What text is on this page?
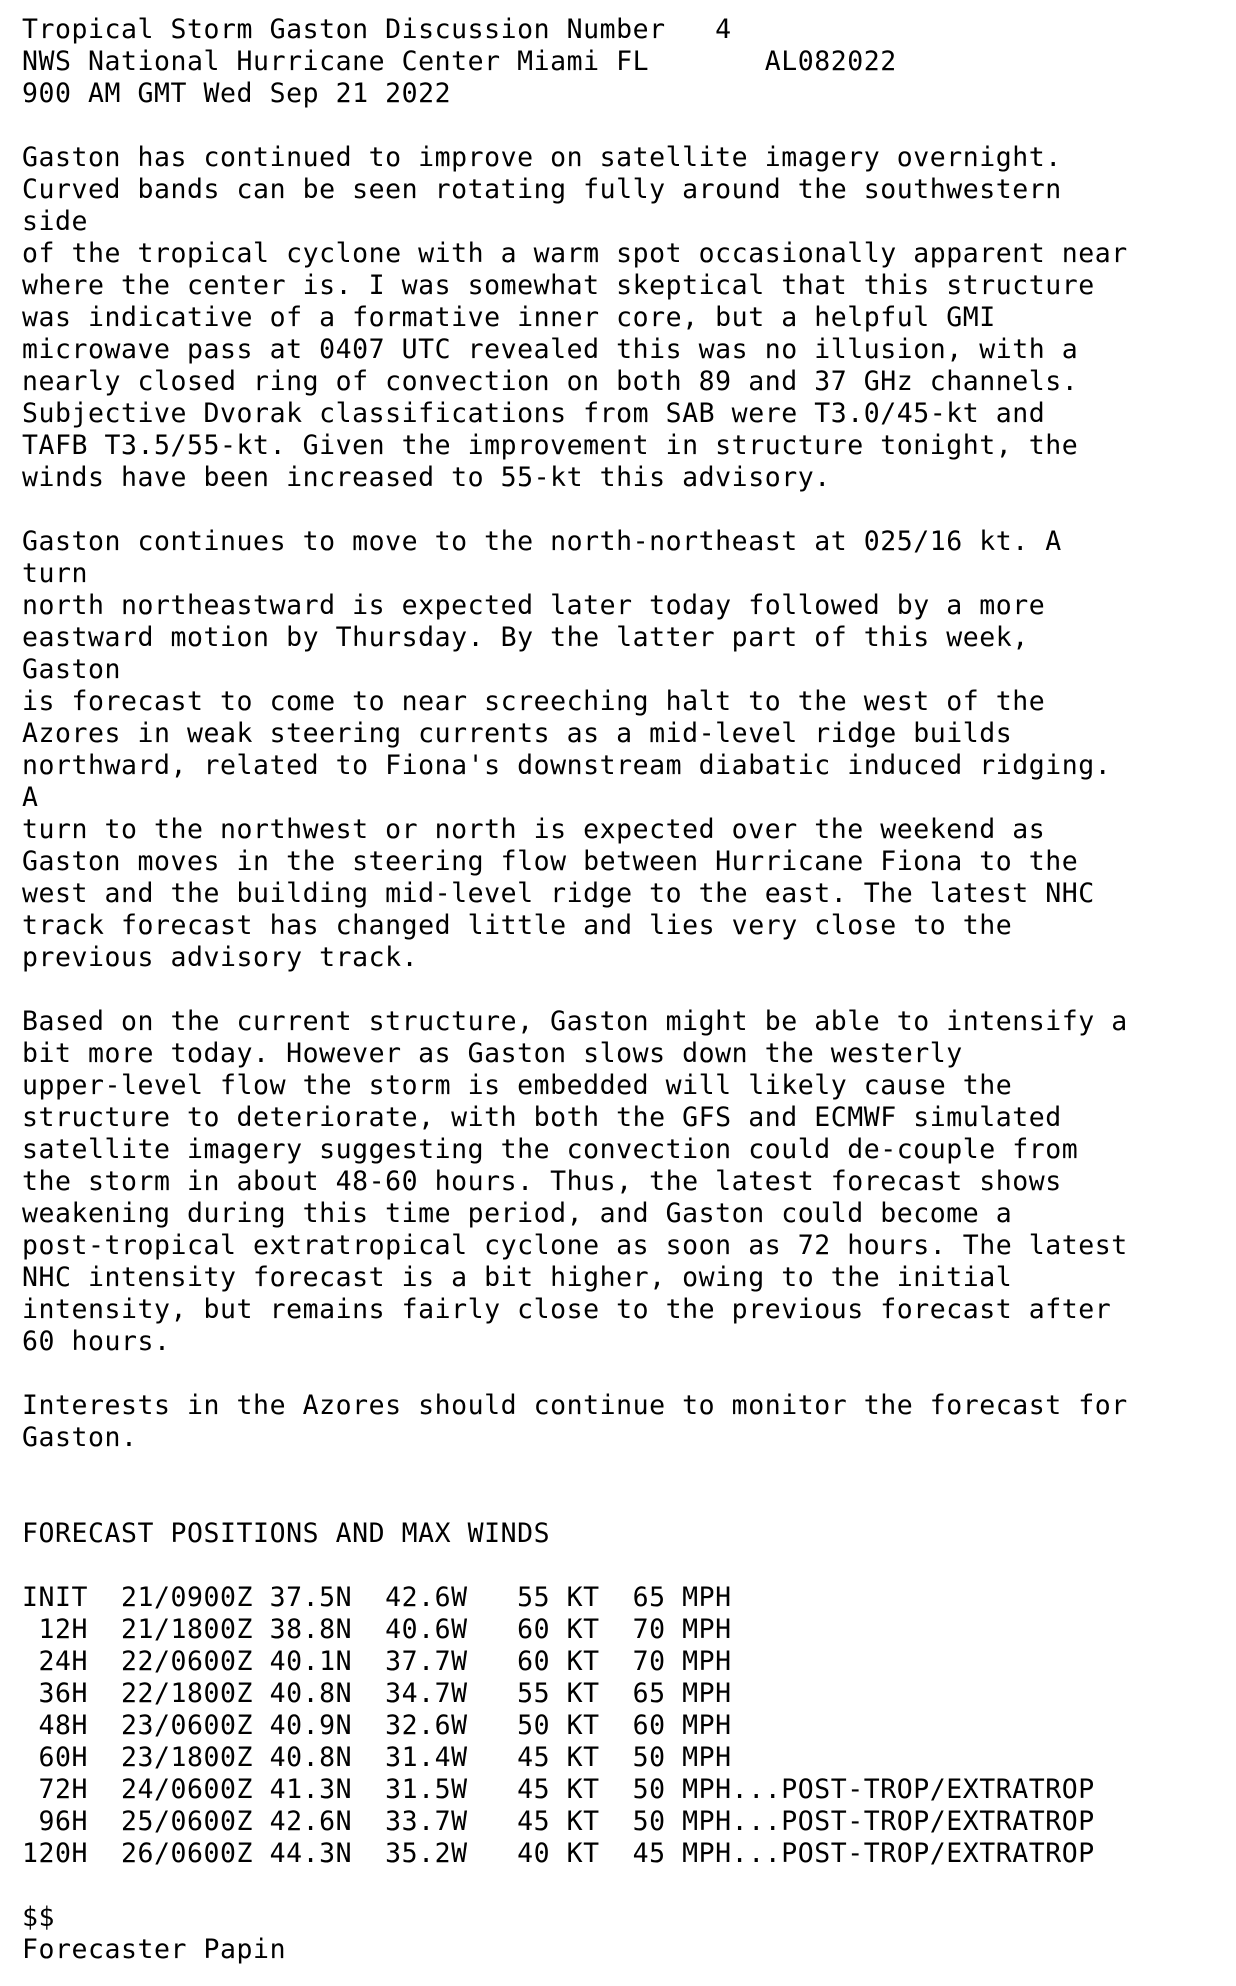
Tropical Storm Gaston Discussion Number   4
NWS National Hurricane Center Miami FL       AL082022
900 AM GMT Wed Sep 21 2022
Gaston has continued to improve on satellite imagery overnight.
Curved bands can be seen rotating fully around the southwestern
side
of the tropical cyclone with a warm spot occasionally apparent near
where the center is. I was somewhat skeptical that this structure
was indicative of a formative inner core, but a helpful GMI
microwave pass at 0407 UTC revealed this was no illusion, with a
nearly closed ring of convection on both 89 and 37 GHz channels.
Subjective Dvorak classifications from SAB were T3.0/45-kt and
TAFB T3.5/55-kt. Given the improvement in structure tonight, the
winds have been increased to 55-kt this advisory.
Gaston continues to move to the north-northeast at 025/16 kt. A
turn
north northeastward is expected later today followed by a more
eastward motion by Thursday. By the latter part of this week,
Gaston
is forecast to come to near screeching halt to the west of the
Azores in weak steering currents as a mid-level ridge builds
northward, related to Fiona's downstream diabatic induced ridging.
A
turn to the northwest or north is expected over the weekend as
Gaston moves in the steering flow between Hurricane Fiona to the
west and the building mid-level ridge to the east. The latest NHC
track forecast has changed little and lies very close to the
previous advisory track.
Based on the current structure, Gaston might be able to intensify a
bit more today. However as Gaston slows down the westerly
upper-level flow the storm is embedded will likely cause the
structure to deteriorate, with both the GFS and ECMWF simulated
satellite imagery suggesting the convection could de-couple from
the storm in about 48-60 hours. Thus, the latest forecast shows
weakening during this time period, and Gaston could become a
post-tropical extratropical cyclone as soon as 72 hours. The latest
NHC intensity forecast is a bit higher, owing to the initial
intensity, but remains fairly close to the previous forecast after
60 hours.
Interests in the Azores should continue to monitor the forecast for
Gaston.
FORECAST POSITIONS AND MAX WINDS
INIT  21/0900Z 37.5N  42.6W   55 KT  65 MPH
12H  21/1800Z 38.8N  40.6W   60 KT  70 MPH
24H  22/0600Z 40.1N  37.7W   60 KT  70 MPH
36H  22/1800Z 40.8N  34.7W   55 KT  65 MPH
48H  23/0600Z 40.9N  32.6W   50 KT  60 MPH
60H  23/1800Z 40.8N  31.4W   45 KT  50 MPH
72H  24/0600Z 41.3N  31.5W   45 KT  50 MPH...POST-TROP/EXTRATROP
96H  25/0600Z 42.6N  33.7W   45 KT  50 MPH...POST-TROP/EXTRATROP
120H  26/0600Z 44.3N  35.2W   40 KT  45 MPH...POST-TROP/EXTRATROP
$$
Forecaster Papin
